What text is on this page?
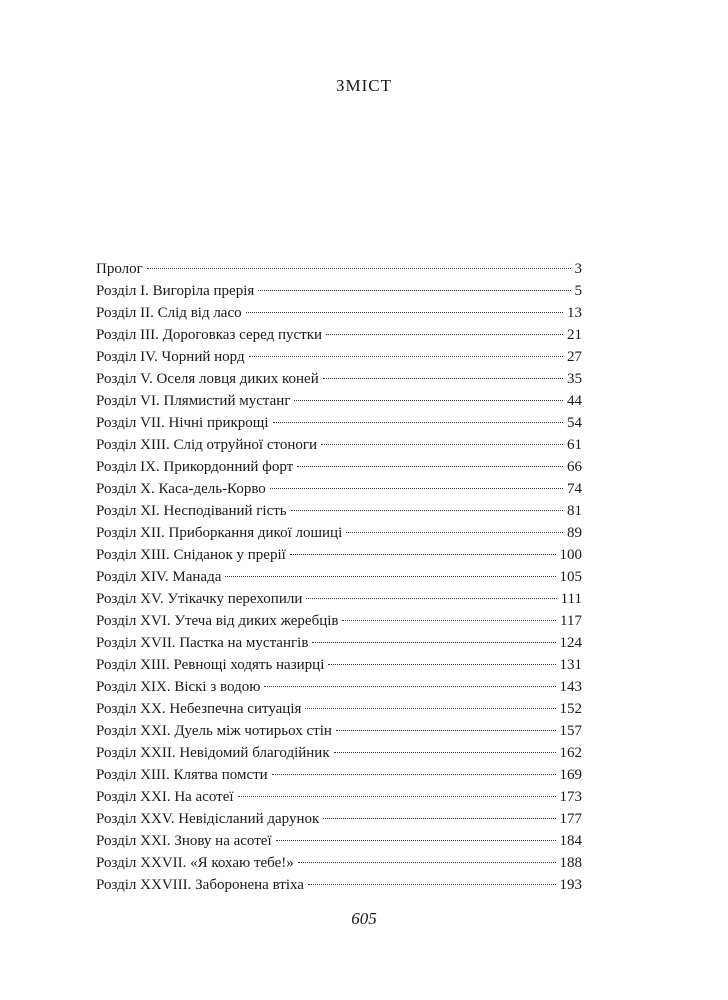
ЗМІСТ
Пролог	3
Розділ I. Вигоріла прерія	5
Розділ II. Слід від ласо	13
Розділ III. Дороговказ серед пустки	21
Розділ IV. Чорний норд	27
Розділ V. Оселя ловця диких коней	35
Розділ VI. Плямистий мустанг	44
Розділ VII. Нічні прикрощі	54
Розділ XIII. Слід отруйної стоноги	61
Розділ IX. Прикордонний форт	66
Розділ X. Каса-дель-Корво	74
Розділ XI. Несподіваний гість	81
Розділ XII. Приборкання дикої лошиці	89
Розділ XIII. Сніданок у прерії	100
Розділ XIV. Манада	105
Розділ XV. Утікачку перехопили	111
Розділ XVI. Утеча від диких жеребців	117
Розділ XVII. Пастка на мустангів	124
Розділ XIII. Ревнощі ходять назирці	131
Розділ XIX. Віскі з водою	143
Розділ XX. Небезпечна ситуація	152
Розділ XXI. Дуель між чотирьох стін	157
Розділ XXII. Невідомий благодійник	162
Розділ XIII. Клятва помсти	169
Розділ XXI. На асотеї	173
Розділ XXV. Невідісланий дарунок	177
Розділ XXI. Знову на асотеї	184
Розділ XXVII. «Я кохаю тебе!»	188
Розділ XXVIII. Заборонена втіха	193
605
